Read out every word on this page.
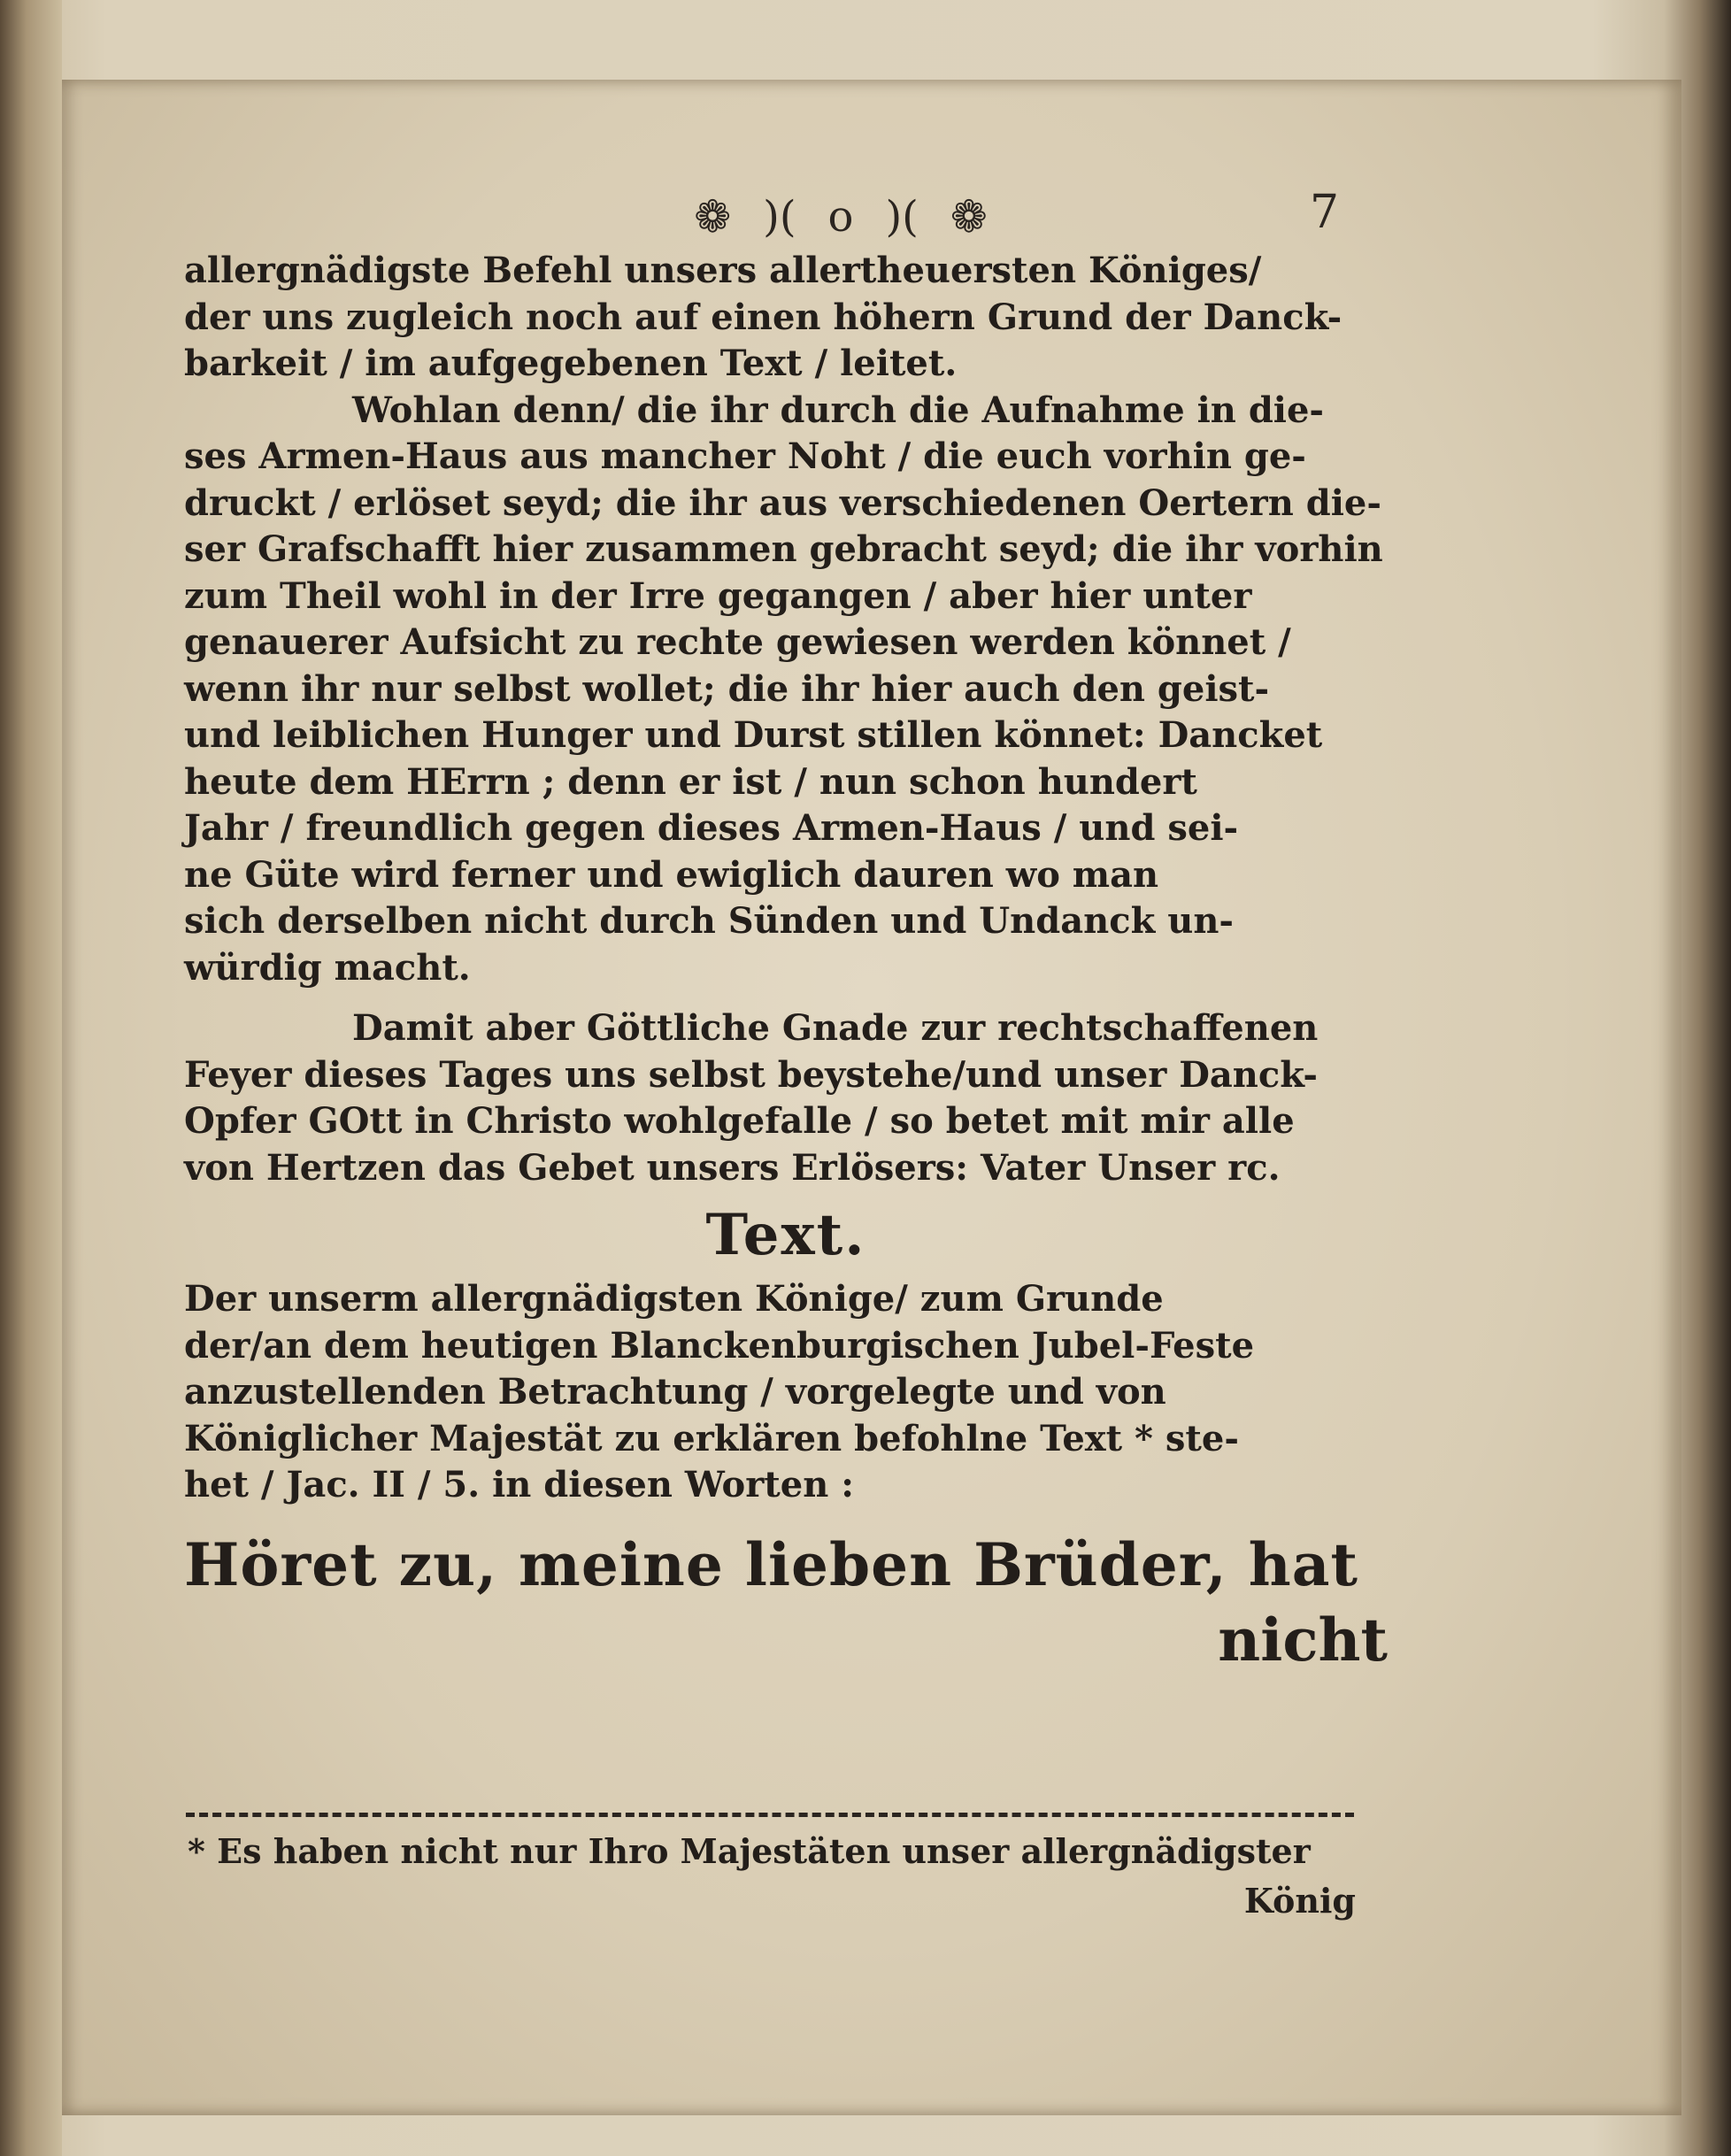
❁ )( o )( ❁	7

allergnädigste Befehl unsers allertheuersten Königes/

der uns zugleich noch auf einen höhern Grund der Danck-

barkeit / im aufgegebenen Text / leitet.

Wohlan denn/ die ihr durch die Aufnahme in die-

ses Armen-Haus aus mancher Noht / die euch vorhin ge-

druckt / erlöset seyd; die ihr aus verschiedenen Oertern die-

ser Grafschafft hier zusammen gebracht seyd; die ihr vorhin

zum Theil wohl in der Irre gegangen / aber hier unter

genauerer Aufsicht zu rechte gewiesen werden könnet /

wenn ihr nur selbst wollet; die ihr hier auch den geist-

und leiblichen Hunger und Durst stillen könnet: Dancket

heute dem HErrn ; denn er ist / nun schon hundert

Jahr / freundlich gegen dieses Armen-Haus / und sei-

ne Güte wird ferner und ewiglich dauren wo man

sich derselben nicht durch Sünden und Undanck un-

würdig macht.

Damit aber Göttliche Gnade zur rechtschaffenen

Feyer dieses Tages uns selbst beystehe/und unser Danck-

Opfer GOtt in Christo wohlgefalle / so betet mit mir alle

von Hertzen das Gebet unsers Erlösers: Vater Unser rc.

Text.

Der unserm allergnädigsten Könige/ zum Grunde

der/an dem heutigen Blanckenburgischen Jubel-Feste

anzustellenden Betrachtung / vorgelegte und von

Königlicher Majestät zu erklären befohlne Text * ste-

het / Jac. II / 5. in diesen Worten :

Höret zu, meine lieben Brüder, hat

nicht

* Es haben nicht nur Ihro Majestäten unser allergnädigster
König
